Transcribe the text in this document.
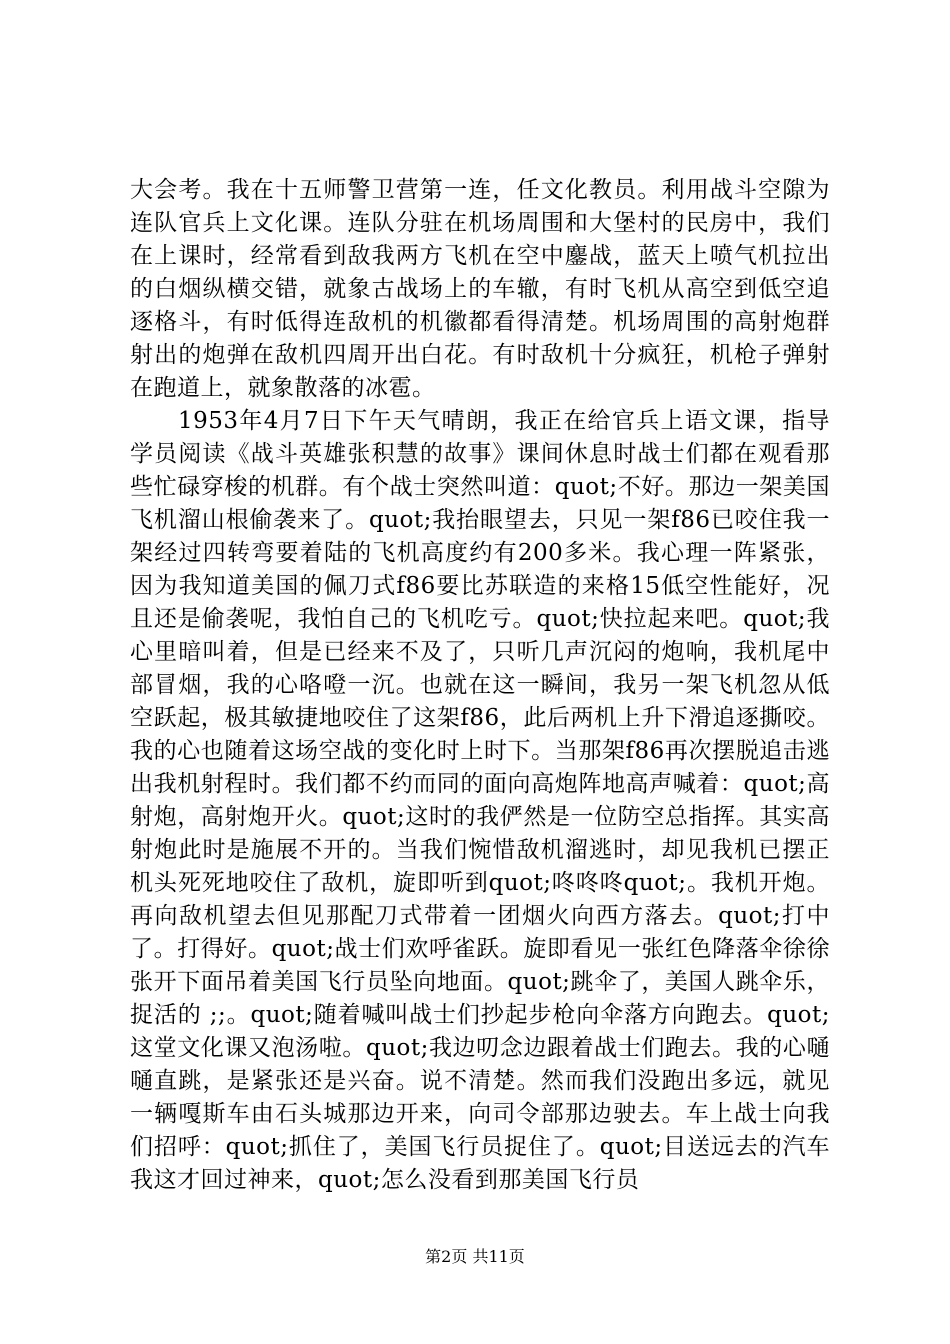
大会考。我在十五师警卫营第一连，任文化教员。利用战斗空隙为连队官兵上文化课。连队分驻在机场周围和大堡村的民房中，我们在上课时，经常看到敌我两方飞机在空中鏖战，蓝天上喷气机拉出的白烟纵横交错，就象古战场上的车辙，有时飞机从高空到低空追逐格斗，有时低得连敌机的机徽都看得清楚。机场周围的高射炮群射出的炮弹在敌机四周开出白花。有时敌机十分疯狂，机枪子弹射在跑道上，就象散落的冰雹。

1953年4月7日下午天气晴朗，我正在给官兵上语文课，指导学员阅读《战斗英雄张积慧的故事》课间休息时战士们都在观看那些忙碌穿梭的机群。有个战士突然叫道：quot;不好。那边一架美国飞机溜山根偷袭来了。quot;我抬眼望去，只见一架f86已咬住我一架经过四转弯要着陆的飞机高度约有200多米。我心理一阵紧张，因为我知道美国的佩刀式f86要比苏联造的来格15低空性能好，况且还是偷袭呢，我怕自己的飞机吃亏。quot;快拉起来吧。quot;我心里暗叫着，但是已经来不及了，只听几声沉闷的炮响，我机尾中部冒烟，我的心咯噔一沉。也就在这一瞬间，我另一架飞机忽从低空跃起，极其敏捷地咬住了这架f86，此后两机上升下滑追逐撕咬。我的心也随着这场空战的变化时上时下。当那架f86再次摆脱追击逃出我机射程时。我们都不约而同的面向高炮阵地高声喊着：quot;高射炮，高射炮开火。quot;这时的我俨然是一位防空总指挥。其实高射炮此时是施展不开的。当我们惋惜敌机溜逃时，却见我机已摆正机头死死地咬住了敌机，旋即听到quot;咚咚咚quot;。我机开炮。再向敌机望去但见那配刀式带着一团烟火向西方落去。quot;打中了。打得好。quot;战士们欢呼雀跃。旋即看见一张红色降落伞徐徐张开下面吊着美国飞行员坠向地面。quot;跳伞了，美国人跳伞乐，捉活的 ;;。quot;随着喊叫战士们抄起步枪向伞落方向跑去。quot;这堂文化课又泡汤啦。quot;我边叨念边跟着战士们跑去。我的心嗵嗵直跳，是紧张还是兴奋。说不清楚。然而我们没跑出多远，就见一辆嘎斯车由石头城那边开来，向司令部那边驶去。车上战士向我们招呼：quot;抓住了，美国飞行员捉住了。quot;目送远去的汽车我这才回过神来，quot;怎么没看到那美国飞行员

第2页 共11页
